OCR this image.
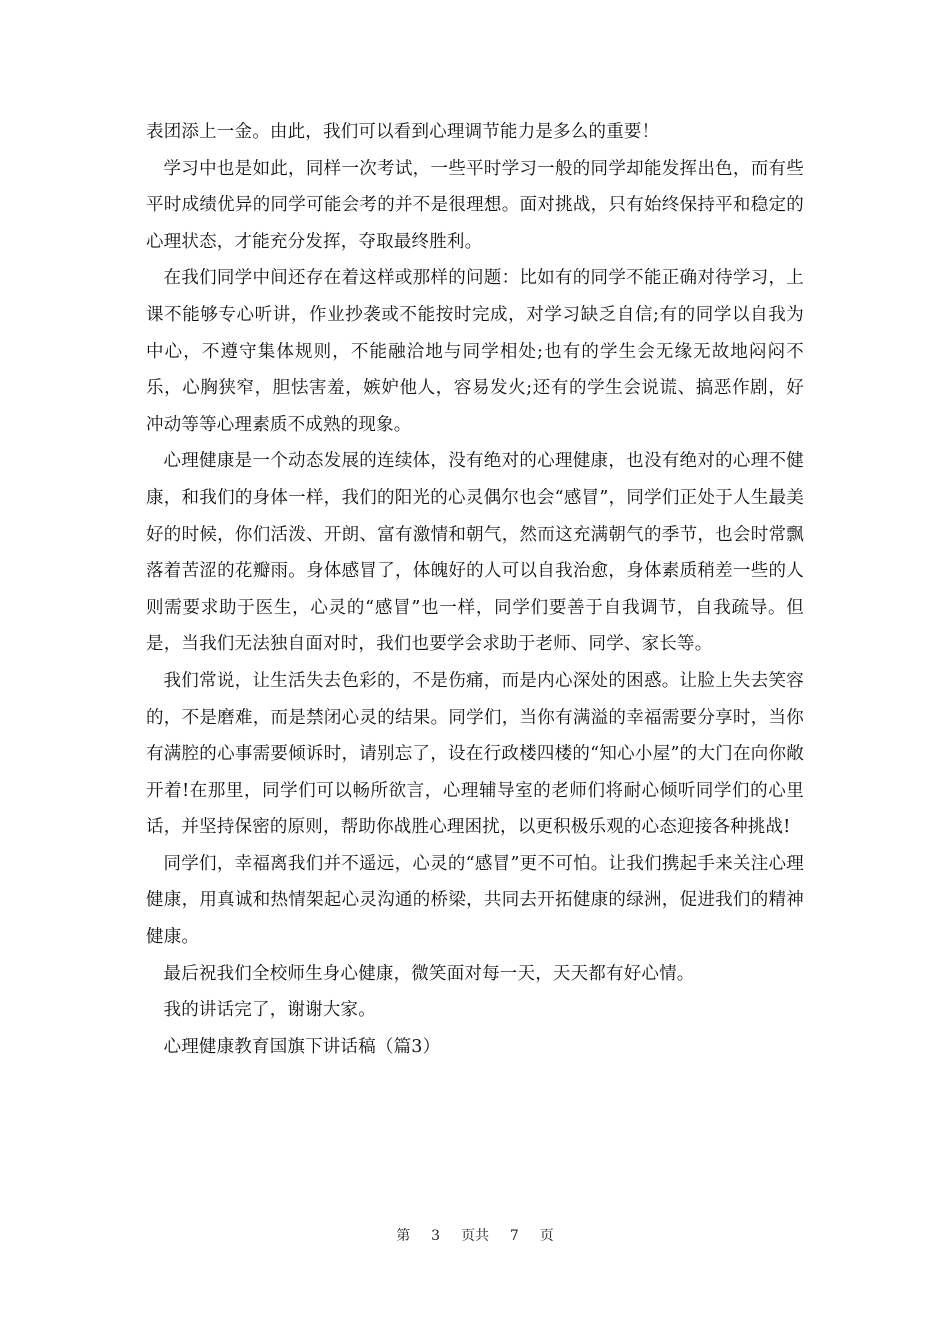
表团添上一金。由此，我们可以看到心理调节能力是多么的重要！

学习中也是如此，同样一次考试，一些平时学习一般的同学却能发挥出色，而有些平时成绩优异的同学可能会考的并不是很理想。面对挑战，只有始终保持平和稳定的心理状态，才能充分发挥，夺取最终胜利。

在我们同学中间还存在着这样或那样的问题：比如有的同学不能正确对待学习，上课不能够专心听讲，作业抄袭或不能按时完成，对学习缺乏自信;有的同学以自我为中心，不遵守集体规则，不能融洽地与同学相处;也有的学生会无缘无故地闷闷不乐，心胸狭窄，胆怯害羞，嫉妒他人，容易发火;还有的学生会说谎、搞恶作剧，好冲动等等心理素质不成熟的现象。

心理健康是一个动态发展的连续体，没有绝对的心理健康，也没有绝对的心理不健康，和我们的身体一样，我们的阳光的心灵偶尔也会“感冒”，同学们正处于人生最美好的时候，你们活泼、开朗、富有激情和朝气，然而这充满朝气的季节，也会时常飘落着苦涩的花瓣雨。身体感冒了，体魄好的人可以自我治愈，身体素质稍差一些的人则需要求助于医生，心灵的“感冒”也一样，同学们要善于自我调节，自我疏导。但是，当我们无法独自面对时，我们也要学会求助于老师、同学、家长等。

我们常说，让生活失去色彩的，不是伤痛，而是内心深处的困惑。让脸上失去笑容的，不是磨难，而是禁闭心灵的结果。同学们，当你有满溢的幸福需要分享时，当你有满腔的心事需要倾诉时，请别忘了，设在行政楼四楼的“知心小屋”的大门在向你敞开着!在那里，同学们可以畅所欲言，心理辅导室的老师们将耐心倾听同学们的心里话，并坚持保密的原则，帮助你战胜心理困扰，以更积极乐观的心态迎接各种挑战!

同学们，幸福离我们并不遥远，心灵的“感冒”更不可怕。让我们携起手来关注心理健康，用真诚和热情架起心灵沟通的桥梁，共同去开拓健康的绿洲，促进我们的精神健康。

最后祝我们全校师生身心健康，微笑面对每一天，天天都有好心情。

我的讲话完了，谢谢大家。

心理健康教育国旗下讲话稿（篇3）

第 3 页共 7 页
